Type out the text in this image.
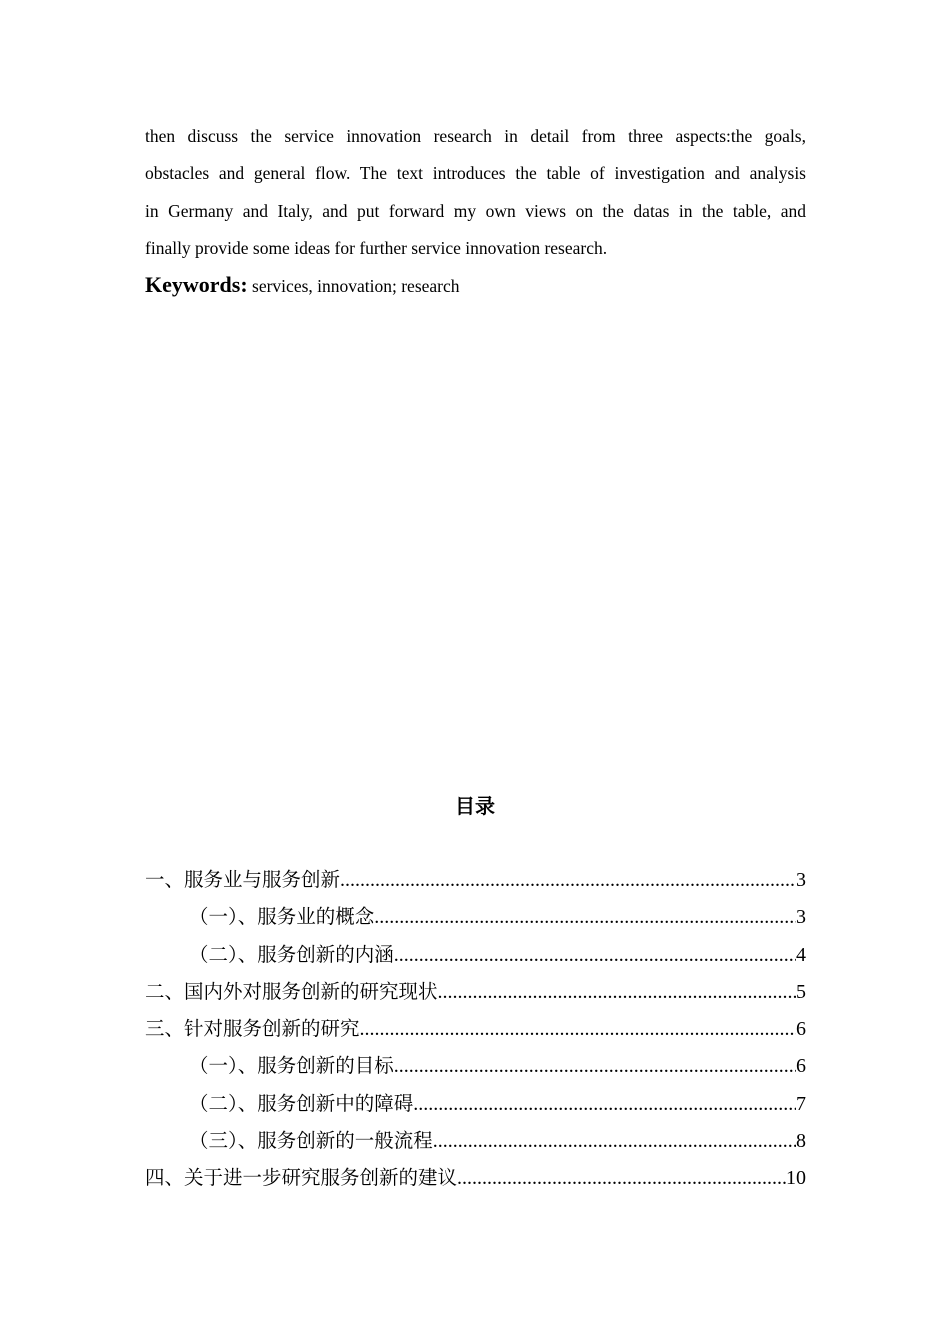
then discuss the service innovation research in detail from three aspects:the goals,
obstacles and general flow. The text introduces the table of investigation and analysis
in Germany and Italy, and put forward my own views on the datas in the table, and
finally provide some ideas for further service innovation research.
Keywords: services, innovation; research
目录
一、服务业与服务创新 .....	3
（一）、服务业的概念 .....	3
（二）、服务创新的内涵 .....	4
二、国内外对服务创新的研究现状 .....	5
三、针对服务创新的研究 .....	6
（一）、服务创新的目标 .....	6
（二）、服务创新中的障碍 .....	7
（三）、服务创新的一般流程 .....	8
四、关于进一步研究服务创新的建议 .....	10
